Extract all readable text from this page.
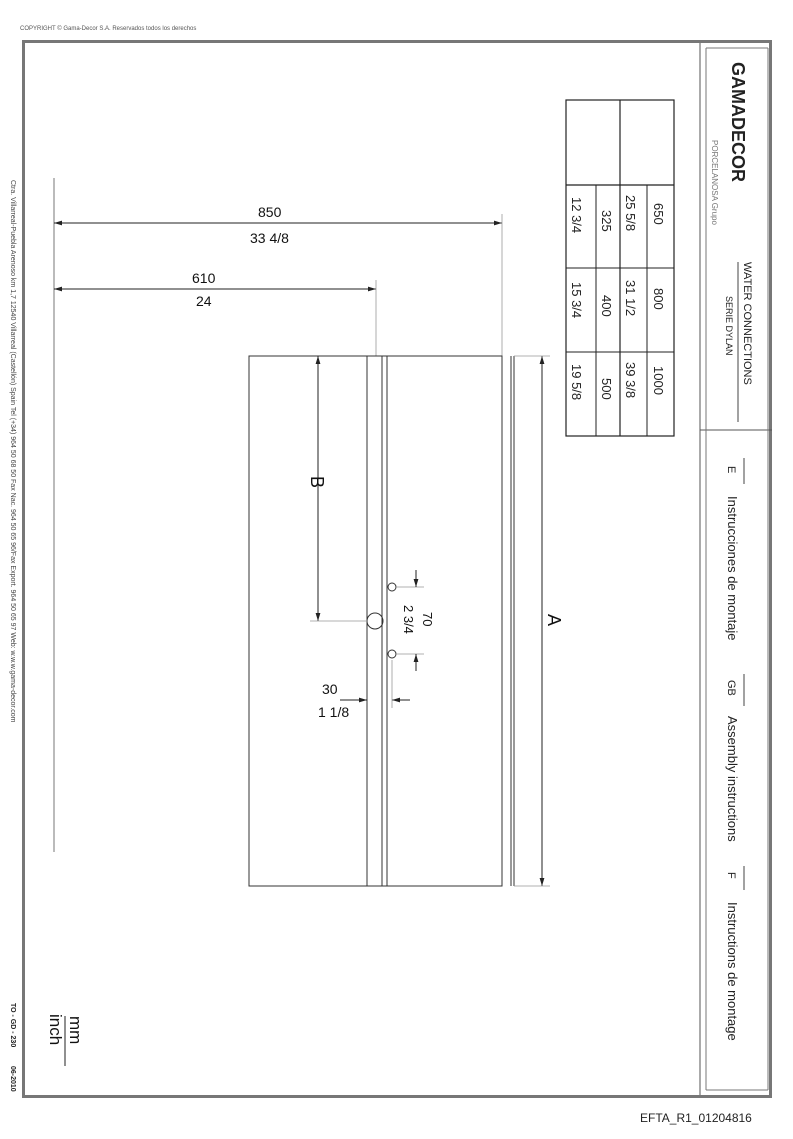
COPYRIGHT © Gama-Decor S.A. Reservados todos los derechos
GAMADECOR
PORCELANOSA Grupo
WATER CONNECTIONS
SERIE DYLAN
E
Instrucciones de montaje
GB
Assembly instructions
F
Instructions de montage
650
800
1000
25 5/8
31 1/2
39 3/8
325
400
500
12 3/4
15 3/4
19 5/8
850
33 4/8
610
24
B
A
70
2 3/4
30
1 1/8
mm
inch
Ctra. Villarreal-Puebla Arenoso km 1,7 12540 Villarreal (Castellón) Spain Tel (+34) 964 50 68 50 Fax Nac. 964 50 65 96/Fax Export. 964 50 65 97 Web: w.w.w.gama-decor.com
TO - GD - 230
06-2010
EFTA_R1_01204816
